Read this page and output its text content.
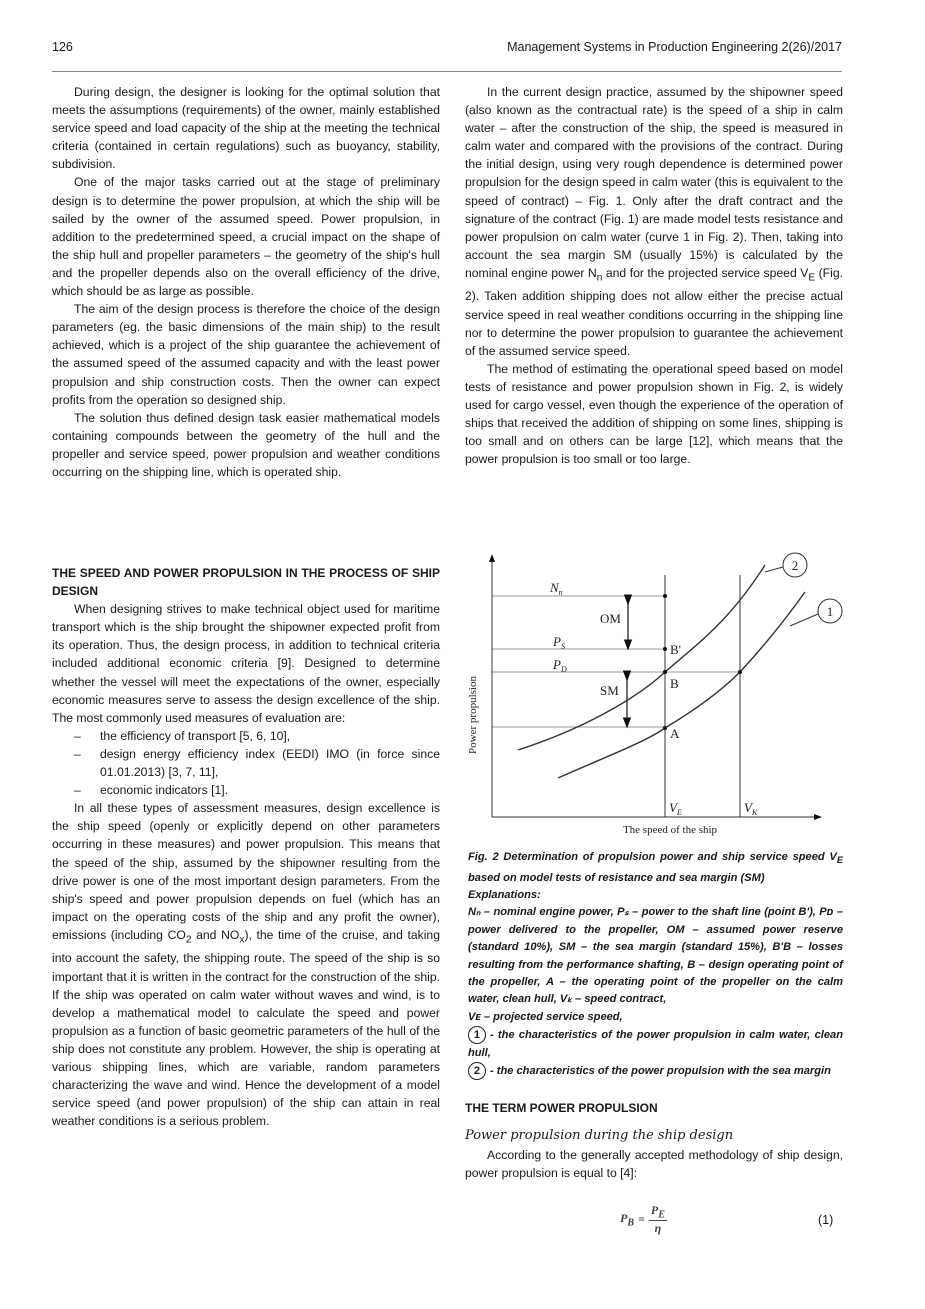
126	Management Systems in Production Engineering 2(26)/2017

During design, the designer is looking for the optimal solution that meets the assumptions (requirements) of the owner, mainly established service speed and load capacity of the ship at the meeting the technical criteria (contained in certain regulations) such as buoyancy, stability, subdivision.

One of the major tasks carried out at the stage of preliminary design is to determine the power propulsion, at which the ship will be sailed by the owner of the assumed speed. Power propulsion, in addition to the predetermined speed, a crucial impact on the shape of the ship hull and propeller parameters – the geometry of the ship's hull and the propeller depends also on the overall efficiency of the drive, which should be as large as possible.

The aim of the design process is therefore the choice of the design parameters (eg. the basic dimensions of the main ship) to the result achieved, which is a project of the ship guarantee the achievement of the assumed speed of the assumed capacity and with the least power propulsion and ship construction costs. Then the owner can expect profits from the operation so designed ship.

The solution thus defined design task easier mathematical models containing compounds between the geometry of the hull and the propeller and service speed, power propulsion and weather conditions occurring on the shipping line, which is operated ship.

THE SPEED AND POWER PROPULSION IN THE PROCESS OF SHIP DESIGN

When designing strives to make technical object used for maritime transport which is the ship brought the shipowner expected profit from its operation. Thus, the design process, in addition to technical criteria included additional economic criteria [9]. Designed to determine whether the vessel will meet the expectations of the owner, especially economic measures serve to assess the design excellence of the ship. The most commonly used measures of evaluation are:

– the efficiency of transport [5, 6, 10],
– design energy efficiency index (EEDI) IMO (in force since 01.01.2013) [3, 7, 11],
– economic indicators [1].

In all these types of assessment measures, design excellence is the ship speed (openly or explicitly depend on other parameters occurring in these measures) and power propulsion. This means that the speed of the ship, assumed by the shipowner resulting from the drive power is one of the most important design parameters. From the ship's speed and power propulsion depends on fuel (which has an impact on the operating costs of the ship and any profit the owner), emissions (including $CO_2$ and $NO_x$), the time of the cruise, and taking into account the safety, the shipping route. The speed of the ship is so important that it is written in the contract for the construction of the ship. If the ship was operated on calm water without waves and wind, is to develop a mathematical model to calculate the speed and power propulsion as a function of basic geometric parameters of the hull of the ship does not constitute any problem. However, the ship is operating at various shipping lines, which are variable, random parameters characterizing the wave and wind. Hence the development of a model service speed (and power propulsion) of the ship can attain in real weather conditions is a serious problem.

In the current design practice, assumed by the shipowner speed (also known as the contractual rate) is the speed of a ship in calm water – after the construction of the ship, the speed is measured in calm water and compared with the provisions of the contract. During the initial design, using very rough dependence is determined power propulsion for the design speed in calm water (this is equivalent to the speed of contract) – Fig. 1. Only after the draft contract and the signature of the contract (Fig. 1) are made model tests resistance and power propulsion on calm water (curve 1 in Fig. 2). Then, taking into account the sea margin SM (usually 15%) is calculated by the nominal engine power $N_n$ and for the projected service speed $V_E$ (Fig. 2). Taken addition shipping does not allow either the precise actual service speed in real weather conditions occurring in the shipping line nor to determine the power propulsion to guarantee the achievement of the assumed service speed.

The method of estimating the operational speed based on model tests of resistance and power propulsion shown in Fig. 2, is widely used for cargo vessel, even though the experience of the operation of ships that received the addition of shipping on some lines, shipping is too small and on others can be large [12], which means that the power propulsion is too small or too large.

$N_n$
OM
$P_S$
$P_D$
B'
B
SM
A
$V_E$	$V_K$
2
1
The speed of the ship
Power propulsion
Fig. 2 Determination of propulsion power and ship service speed $V_E$ based on model tests of resistance and sea margin (SM)
Explanations:
Nₙ – nominal engine power, Pₛ – power to the shaft line (point B'), Pᴅ – power delivered to the propeller, OM – assumed power reserve (standard 10%), SM – the sea margin (standard 15%), B'B – losses resulting from the performance shafting, B – design operating point of the propeller, A – the operating point of the propeller on the calm water, clean hull, Vₖ – speed contract,
Vᴇ – projected service speed,
1 - the characteristics of the power propulsion in calm water, clean hull,
2 - the characteristics of the power propulsion with the sea margin
THE TERM POWER PROPULSION
Power propulsion during the ship design

According to the generally accepted methodology of ship design, power propulsion is equal to [4]:

$P_B = \frac{P_E}{\eta}$	(1)
